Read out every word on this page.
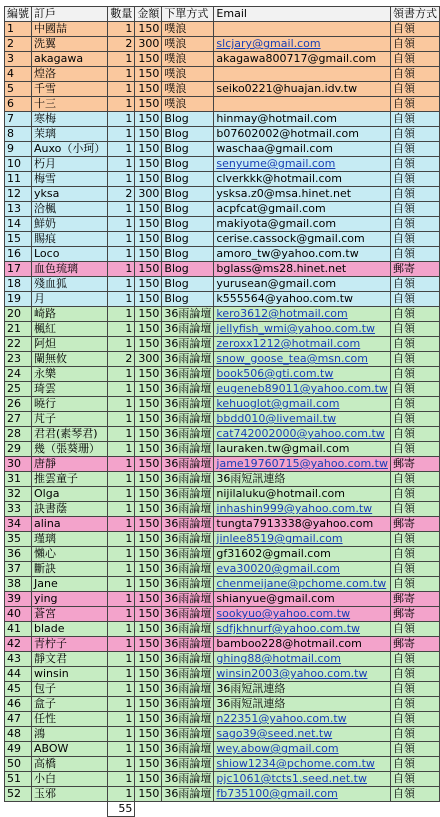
編號	訂戶	數量	金額	下單方式	Email	領書方式
1	中國喆	1	150	噗浪		自領
2	洗翼	2	300	噗浪	slcjary@gmail.com	自領
3	akagawa	1	150	噗浪	akagawa800717@gmail.com	自領
4	煌洛	1	150	噗浪		自領
5	千雪	1	150	噗浪	seiko0221@huajan.idv.tw	自領
6	十三	1	150	噗浪		自領
7	寒梅	1	150	Blog	hinmay@hotmail.com	自領
8	茉璃	1	150	Blog	b07602002@hotmail.com	自領
9	Auxo（小珂）	1	150	Blog	waschaa@gmail.com	自領
10	朽月	1	150	Blog	senyume@gmail.com	自領
11	梅雪	1	150	Blog	clverkkk@hotmail.com	自領
12	yksa	2	300	Blog	ysksa.z0@msa.hinet.net	自領
13	洽楓	1	150	Blog	acpfcat@gmail.com	自領
14	鮮奶	1	150	Blog	makiyota@gmail.com	自領
15	賜痕	1	150	Blog	cerise.cassock@gmail.com	自領
16	Loco	1	150	Blog	amoro_tw@yahoo.com.tw	自領
17	血色琉璃	1	150	Blog	bglass@ms28.hinet.net	郵寄
18	殘血狐	1	150	Blog	yurusean@gmail.com	自領
19	月	1	150	Blog	k555564@yahoo.com.tw	自領
20	崎路	1	150	36雨論壇	kero3612@hotmail.com	自領
21	楓紅	1	150	36雨論壇	jellyfish_wmi@yahoo.com.tw	自領
22	阿炟	1	150	36雨論壇	zeroxx1212@hotmail.com	自領
23	闌無攸	2	300	36雨論壇	snow_goose_tea@msn.com	自領
24	永樂	1	150	36雨論壇	book506@gti.com.tw	自領
25	琦雲	1	150	36雨論壇	eugeneb89011@yahoo.com.tw	自領
26	曉行	1	150	36雨論壇	kehuoglot@gmail.com	自領
27	芃子	1	150	36雨論壇	bbdd010@livemail.tw	自領
28	君君(素琴君)	1	150	36雨論壇	cat742002000@yahoo.com.tw	自領
29	幾（張葵珊）	1	150	36雨論壇	lauraken.tw@gmail.com	自領
30	唐靜	1	150	36雨論壇	jame19760715@yahoo.com.tw	郵寄
31	推雲童子	1	150	36雨論壇	36雨短訊連絡	自領
32	Olga	1	150	36雨論壇	nijilaluku@hotmail.com	自領
33	訣書蔭	1	150	36雨論壇	inhashin999@yahoo.com.tw	自領
34	alina	1	150	36雨論壇	tungta7913338@yahoo.com	郵寄
35	瑾璃	1	150	36雨論壇	jinlee8519@gmail.com	自領
36	懶心	1	150	36雨論壇	gf31602@gmail.com	自領
37	斷訣	1	150	36雨論壇	eva30020@gmail.com	自領
38	Jane	1	150	36雨論壇	chenmeijane@pchome.com.tw	自領
39	ying	1	150	36雨論壇	shianyue@gmail.com	郵寄
40	蒼宮	1	150	36雨論壇	sookyuo@yahoo.com.tw	郵寄
41	blade	1	150	36雨論壇	sdfjkhnurf@yahoo.com.tw	自領
42	青柠子	1	150	36雨論壇	bamboo228@hotmail.com	郵寄
43	靜文君	1	150	36雨論壇	ghing88@hotmail.com	自領
44	winsin	1	150	36雨論壇	winsin2003@yahoo.com.tw	自領
45	包子	1	150	36雨論壇	36雨短訊連絡	自領
46	盒子	1	150	36雨論壇	36雨短訊連絡	自領
47	任性	1	150	36雨論壇	n22351@yahoo.com.tw	自領
48	鴻	1	150	36雨論壇	sago39@seed.net.tw	自領
49	ABOW	1	150	36雨論壇	wey.abow@gmail.com	自領
50	高橋	1	150	36雨論壇	shiow1234@pchome.com.tw	自領
51	小白	1	150	36雨論壇	pjc1061@tcts1.seed.net.tw	自領
52	玉邪	1	150	36雨論壇	fb735100@gmail.com	自領
		55				
